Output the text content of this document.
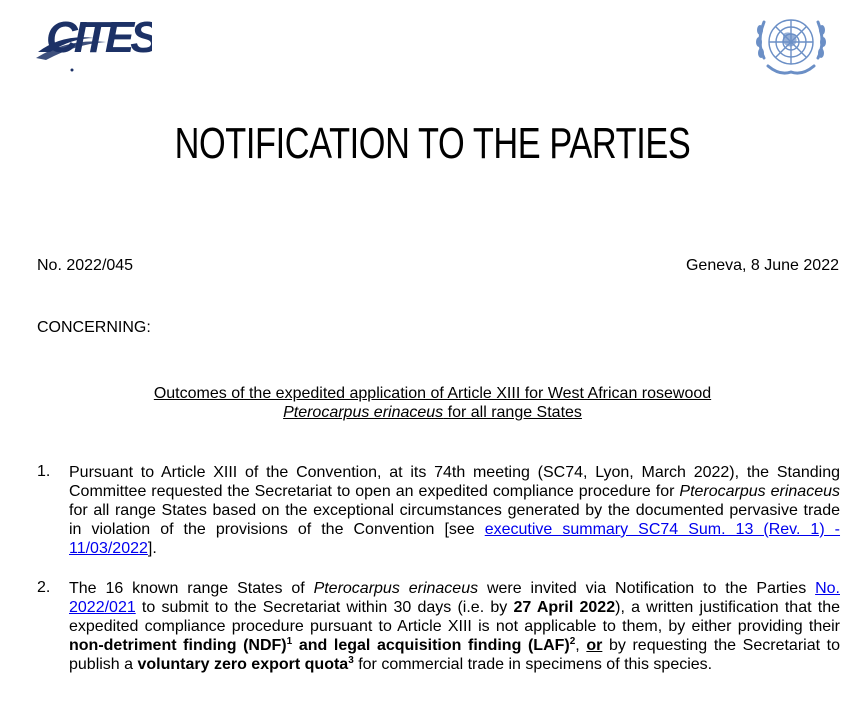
CITES
NOTIFICATION TO THE PARTIES
No. 2022/045	Geneva, 8 June 2022
CONCERNING:
Outcomes of the expedited application of Article XIII for West African rosewood
Pterocarpus erinaceus for all range States
1.	Pursuant to Article XIII of the Convention, at its 74th meeting (SC74, Lyon, March 2022), the Standing Committee requested the Secretariat to open an expedited compliance procedure for Pterocarpus erinaceus for all range States based on the exceptional circumstances generated by the documented pervasive trade in violation of the provisions of the Convention [see executive summary SC74 Sum. 13 (Rev. 1) - 11/03/2022].
2.	The 16 known range States of Pterocarpus erinaceus were invited via Notification to the Parties No. 2022/021 to submit to the Secretariat within 30 days (i.e. by 27 April 2022), a written justification that the expedited compliance procedure pursuant to Article XIII is not applicable to them, by either providing their non-detriment finding (NDF)$^1$ and legal acquisition finding (LAF)$^2$, or by requesting the Secretariat to publish a voluntary zero export quota$^3$ for commercial trade in specimens of this species.
